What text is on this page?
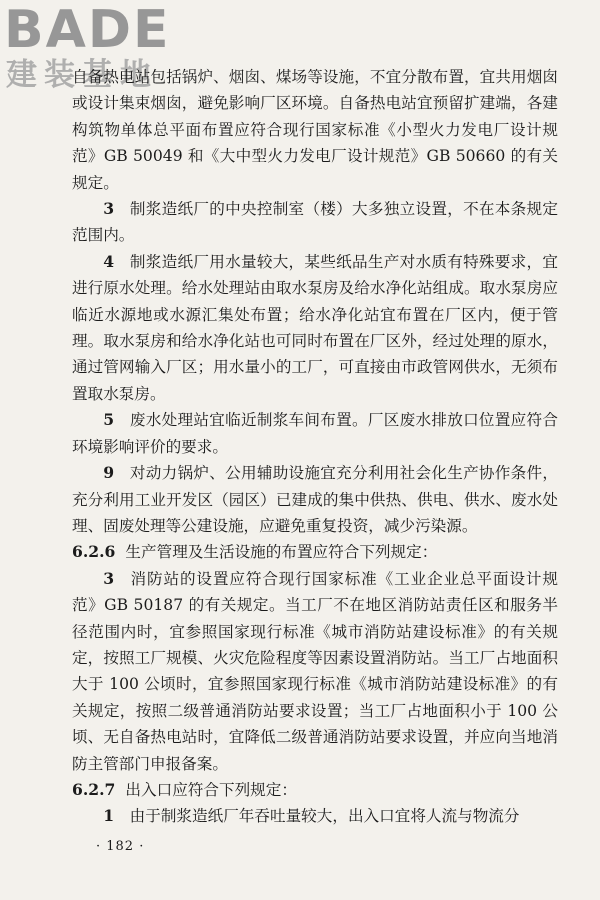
BADE
建装基地

自备热电站包括锅炉、烟囱、煤场等设施，不宜分散布置，宜共用烟囱或设计集束烟囱，避免影响厂区环境。自备热电站宜预留扩建端，各建构筑物单体总平面布置应符合现行国家标准《小型火力发电厂设计规范》GB 50049 和《大中型火力发电厂设计规范》GB 50660 的有关规定。

3  制浆造纸厂的中央控制室（楼）大多独立设置，不在本条规定范围内。

4  制浆造纸厂用水量较大，某些纸品生产对水质有特殊要求，宜进行原水处理。给水处理站由取水泵房及给水净化站组成。取水泵房应临近水源地或水源汇集处布置；给水净化站宜布置在厂区内，便于管理。取水泵房和给水净化站也可同时布置在厂区外，经过处理的原水，通过管网输入厂区；用水量小的工厂，可直接由市政管网供水，无须布置取水泵房。

5  废水处理站宜临近制浆车间布置。厂区废水排放口位置应符合环境影响评价的要求。

9  对动力锅炉、公用辅助设施宜充分利用社会化生产协作条件，充分利用工业开发区（园区）已建成的集中供热、供电、供水、废水处理、固废处理等公建设施，应避免重复投资，减少污染源。

6.2.6 生产管理及生活设施的布置应符合下列规定：

3  消防站的设置应符合现行国家标准《工业企业总平面设计规范》GB 50187 的有关规定。当工厂不在地区消防站责任区和服务半径范围内时，宜参照国家现行标准《城市消防站建设标准》的有关规定，按照工厂规模、火灾危险程度等因素设置消防站。当工厂占地面积大于 100 公顷时，宜参照国家现行标准《城市消防站建设标准》的有关规定，按照二级普通消防站要求设置；当工厂占地面积小于 100 公顷、无自备热电站时，宜降低二级普通消防站要求设置，并应向当地消防主管部门申报备案。

6.2.7 出入口应符合下列规定：

1  由于制浆造纸厂年吞吐量较大，出入口宜将人流与物流分

· 182 ·
